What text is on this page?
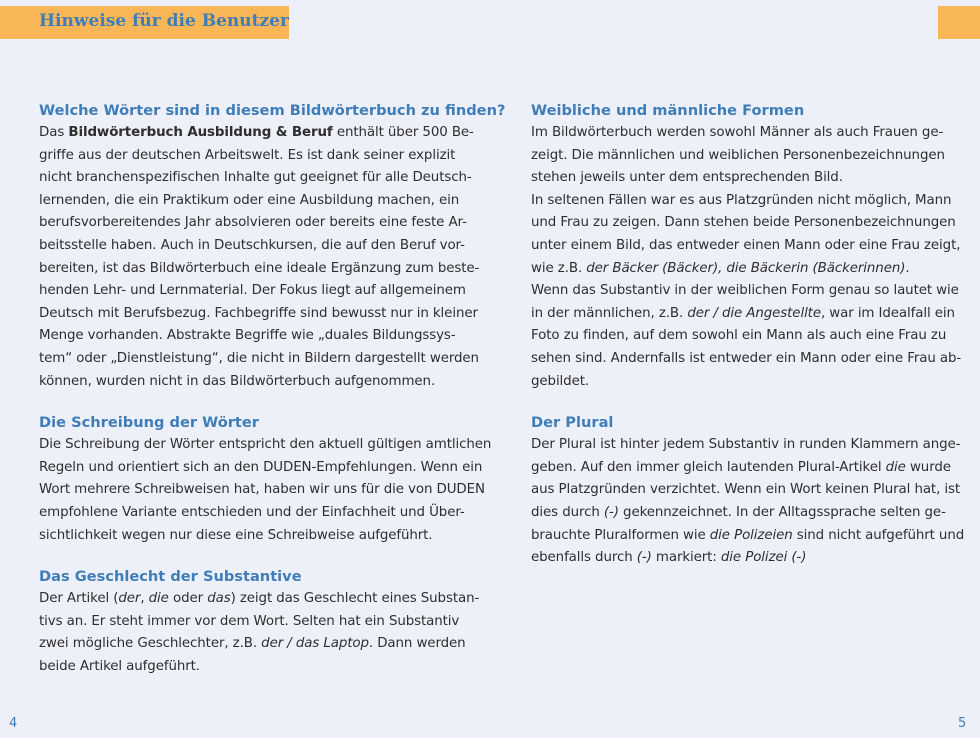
Hinweise für die Benutzer
Welche Wörter sind in diesem Bildwörterbuch zu finden?
Das Bildwörterbuch Ausbildung & Beruf enthält über 500 Be-
griffe aus der deutschen Arbeitswelt. Es ist dank seiner explizit
nicht branchenspezifischen Inhalte gut geeignet für alle Deutsch-
lernenden, die ein Praktikum oder eine Ausbildung machen, ein
berufsvorbereitendes Jahr absolvieren oder bereits eine feste Ar-
beitsstelle haben. Auch in Deutschkursen, die auf den Beruf vor-
bereiten, ist das Bildwörterbuch eine ideale Ergänzung zum beste-
henden Lehr- und Lernmaterial. Der Fokus liegt auf allgemeinem
Deutsch mit Berufsbezug. Fachbegriffe sind bewusst nur in kleiner
Menge vorhanden. Abstrakte Begriffe wie „duales Bildungssys-
tem“ oder „Dienstleistung“, die nicht in Bildern dargestellt werden
können, wurden nicht in das Bildwörterbuch aufgenommen.
Die Schreibung der Wörter
Die Schreibung der Wörter entspricht den aktuell gültigen amtlichen
Regeln und orientiert sich an den DUDEN-Empfehlungen. Wenn ein
Wort mehrere Schreibweisen hat, haben wir uns für die von DUDEN
empfohlene Variante entschieden und der Einfachheit und Über-
sichtlichkeit wegen nur diese eine Schreibweise aufgeführt.
Das Geschlecht der Substantive
Der Artikel (der, die oder das) zeigt das Geschlecht eines Substan-
tivs an. Er steht immer vor dem Wort. Selten hat ein Substantiv
zwei mögliche Geschlechter, z.B. der / das Laptop. Dann werden
beide Artikel aufgeführt.
Weibliche und männliche Formen
Im Bildwörterbuch werden sowohl Männer als auch Frauen ge-
zeigt. Die männlichen und weiblichen Personenbezeichnungen
stehen jeweils unter dem entsprechenden Bild.
In seltenen Fällen war es aus Platzgründen nicht möglich, Mann
und Frau zu zeigen. Dann stehen beide Personenbezeichnungen
unter einem Bild, das entweder einen Mann oder eine Frau zeigt,
wie z.B. der Bäcker (Bäcker), die Bäckerin (Bäckerinnen).
Wenn das Substantiv in der weiblichen Form genau so lautet wie
in der männlichen, z.B. der / die Angestellte, war im Idealfall ein
Foto zu finden, auf dem sowohl ein Mann als auch eine Frau zu
sehen sind. Andernfalls ist entweder ein Mann oder eine Frau ab-
gebildet.
Der Plural
Der Plural ist hinter jedem Substantiv in runden Klammern ange-
geben. Auf den immer gleich lautenden Plural-Artikel die wurde
aus Platzgründen verzichtet. Wenn ein Wort keinen Plural hat, ist
dies durch (-) gekennzeichnet. In der Alltagssprache selten ge-
brauchte Pluralformen wie die Polizeien sind nicht aufgeführt und
ebenfalls durch (-) markiert: die Polizei (-)
4	5
